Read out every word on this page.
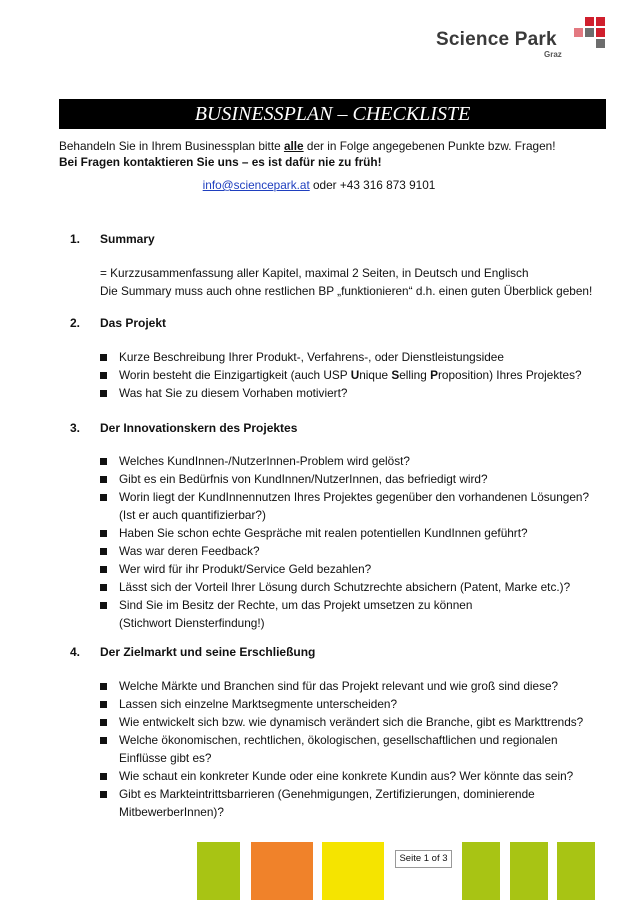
Science Park
Graz
BUSINESSPLAN – CHECKLISTE
Behandeln Sie in Ihrem Businessplan bitte alle der in Folge angegebenen Punkte bzw. Fragen!
Bei Fragen kontaktieren Sie uns – es ist dafür nie zu früh!
info@sciencepark.at oder +43 316 873 9101
1. Summary
= Kurzzusammenfassung aller Kapitel, maximal 2 Seiten, in Deutsch und Englisch
Die Summary muss auch ohne restlichen BP „funktionieren“ d.h. einen guten Überblick geben!
2. Das Projekt
Kurze Beschreibung Ihrer Produkt-, Verfahrens-, oder Dienstleistungsidee
Worin besteht die Einzigartigkeit (auch USP Unique Selling Proposition) Ihres Projektes?
Was hat Sie zu diesem Vorhaben motiviert?
3. Der Innovationskern des Projektes
Welches KundInnen-/NutzerInnen-Problem wird gelöst?
Gibt es ein Bedürfnis von KundInnen/NutzerInnen, das befriedigt wird?
Worin liegt der KundInnennutzen Ihres Projektes gegenüber den vorhandenen Lösungen? (Ist er auch quantifizierbar?)
Haben Sie schon echte Gespräche mit realen potentiellen KundInnen geführt?
Was war deren Feedback?
Wer wird für ihr Produkt/Service Geld bezahlen?
Lässt sich der Vorteil Ihrer Lösung durch Schutzrechte absichern (Patent, Marke etc.)?
Sind Sie im Besitz der Rechte, um das Projekt umsetzen zu können (Stichwort Diensterfindung!)
4. Der Zielmarkt und seine Erschließung
Welche Märkte und Branchen sind für das Projekt relevant und wie groß sind diese?
Lassen sich einzelne Marktsegmente unterscheiden?
Wie entwickelt sich bzw. wie dynamisch verändert sich die Branche, gibt es Markttrends?
Welche ökonomischen, rechtlichen, ökologischen, gesellschaftlichen und regionalen Einflüsse gibt es?
Wie schaut ein konkreter Kunde oder eine konkrete Kundin aus? Wer könnte das sein?
Gibt es Markteintrittsbarrieren (Genehmigungen, Zertifizierungen, dominierende MitbewerberInnen)?
Seite 1 of 3
